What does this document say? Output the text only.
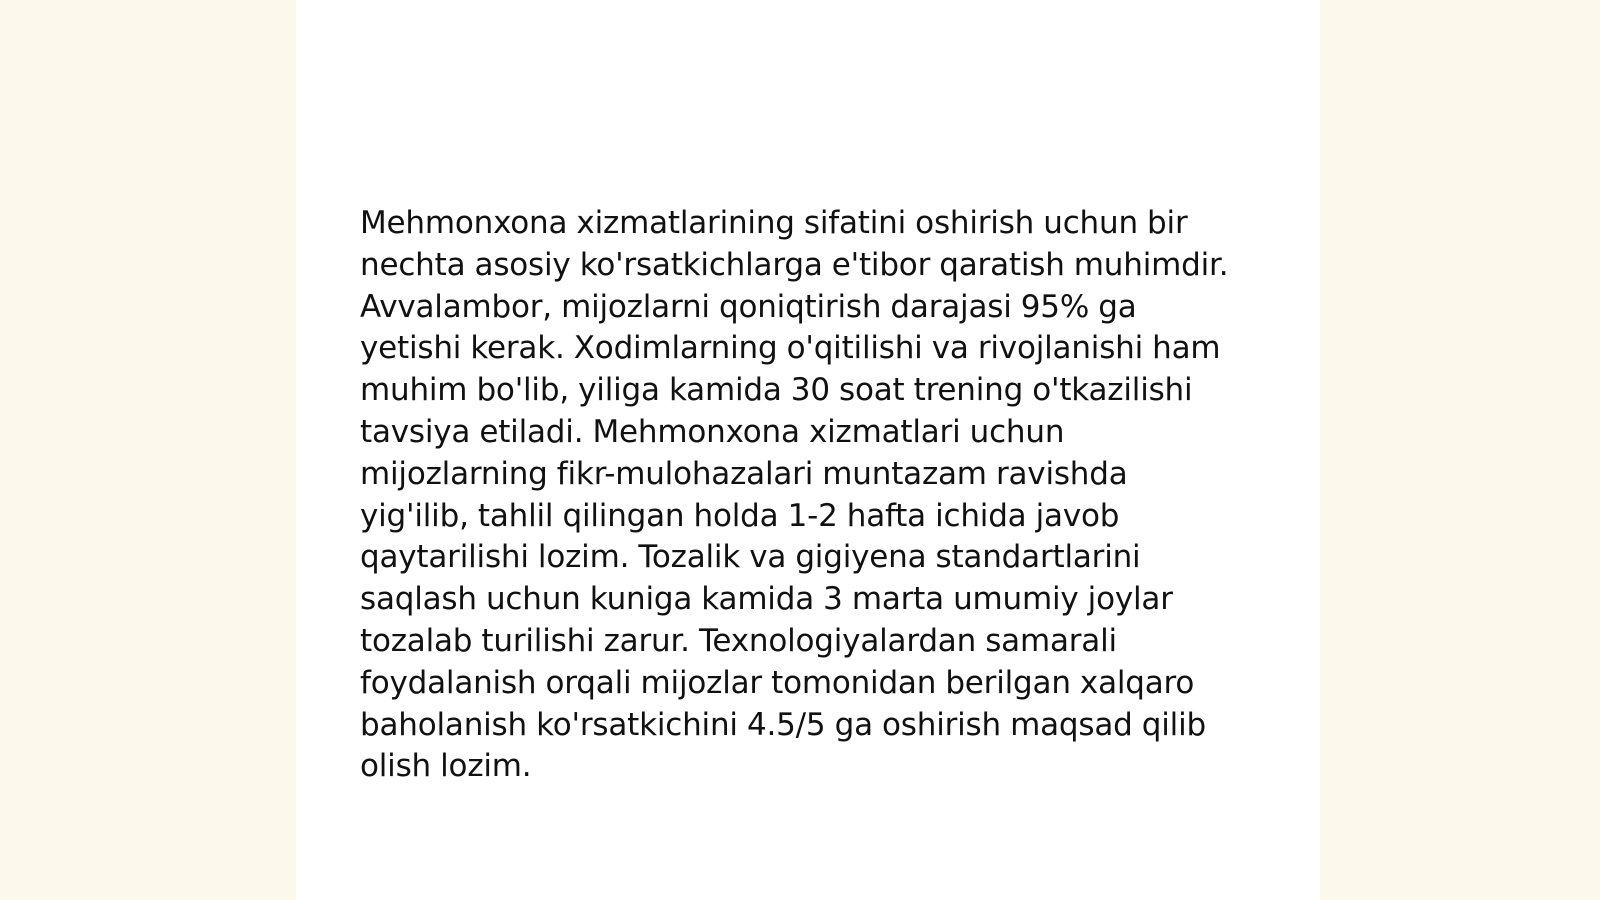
Mehmonxona xizmatlarining sifatini oshirish uchun bir nechta asosiy ko'rsatkichlarga e'tibor qaratish muhimdir. Avvalambor, mijozlarni qoniqtirish darajasi 95% ga yetishi kerak. Xodimlarning o'qitilishi va rivojlanishi ham muhim bo'lib, yiliga kamida 30 soat trening o'tkazilishi tavsiya etiladi. Mehmonxona xizmatlari uchun mijozlarning fikr-mulohazalari muntazam ravishda yig'ilib, tahlil qilingan holda 1-2 hafta ichida javob qaytarilishi lozim. Tozalik va gigiyena standartlarini saqlash uchun kuniga kamida 3 marta umumiy joylar tozalab turilishi zarur. Texnologiyalardan samarali foydalanish orqali mijozlar tomonidan berilgan xalqaro baholanish ko'rsatkichini 4.5/5 ga oshirish maqsad qilib olish lozim.
